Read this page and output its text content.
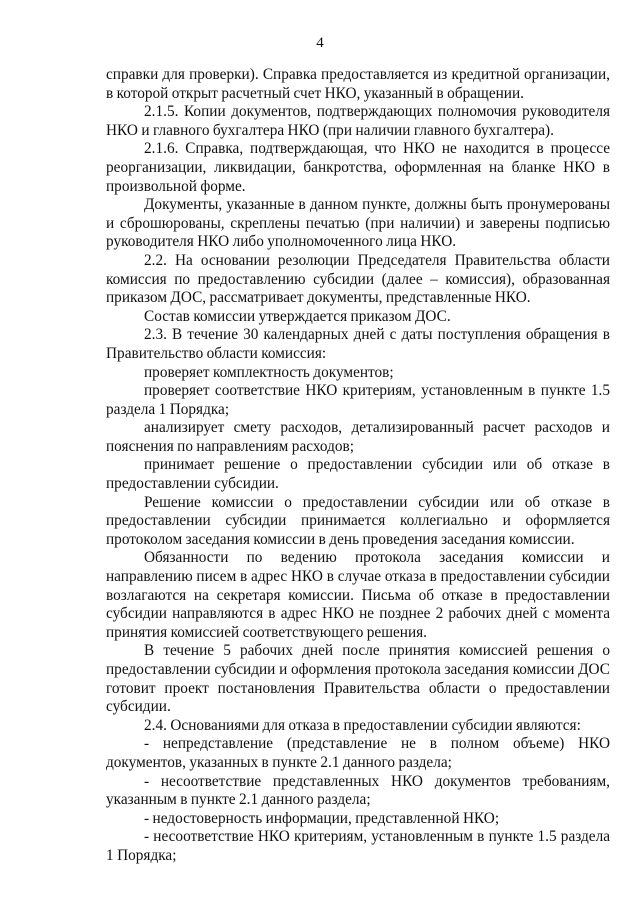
4

справки для проверки). Справка предоставляется из кредитной организации, в которой открыт расчетный счет НКО, указанный в обращении.

2.1.5. Копии документов, подтверждающих полномочия руководителя НКО и главного бухгалтера НКО (при наличии главного бухгалтера).

2.1.6. Справка, подтверждающая, что НКО не находится в процессе реорганизации, ликвидации, банкротства, оформленная на бланке НКО в произвольной форме.

Документы, указанные в данном пункте, должны быть пронумерованы и сброшюрованы, скреплены печатью (при наличии) и заверены подписью руководителя НКО либо уполномоченного лица НКО.

2.2. На основании резолюции Председателя Правительства области комиссия по предоставлению субсидии (далее – комиссия), образованная приказом ДОС, рассматривает документы, представленные НКО.

Состав комиссии утверждается приказом ДОС.

2.3. В течение 30 календарных дней с даты поступления обращения в Правительство области комиссия:

проверяет комплектность документов;

проверяет соответствие НКО критериям, установленным в пункте 1.5 раздела 1 Порядка;

анализирует смету расходов, детализированный расчет расходов и пояснения по направлениям расходов;

принимает решение о предоставлении субсидии или об отказе в предоставлении субсидии.

Решение комиссии о предоставлении субсидии или об отказе в предоставлении субсидии принимается коллегиально и оформляется протоколом заседания комиссии в день проведения заседания комиссии.

Обязанности по ведению протокола заседания комиссии и направлению писем в адрес НКО в случае отказа в предоставлении субсидии возлагаются на секретаря комиссии. Письма об отказе в предоставлении субсидии направляются в адрес НКО не позднее 2 рабочих дней с момента принятия комиссией соответствующего решения.

В течение 5 рабочих дней после принятия комиссией решения о предоставлении субсидии и оформления протокола заседания комиссии ДОС готовит проект постановления Правительства области о предоставлении субсидии.

2.4. Основаниями для отказа в предоставлении субсидии являются:

- непредставление (представление не в полном объеме) НКО документов, указанных в пункте 2.1 данного раздела;

- несоответствие представленных НКО документов требованиям, указанным в пункте 2.1 данного раздела;

- недостоверность информации, представленной НКО;

- несоответствие НКО критериям, установленным в пункте 1.5 раздела 1 Порядка;
